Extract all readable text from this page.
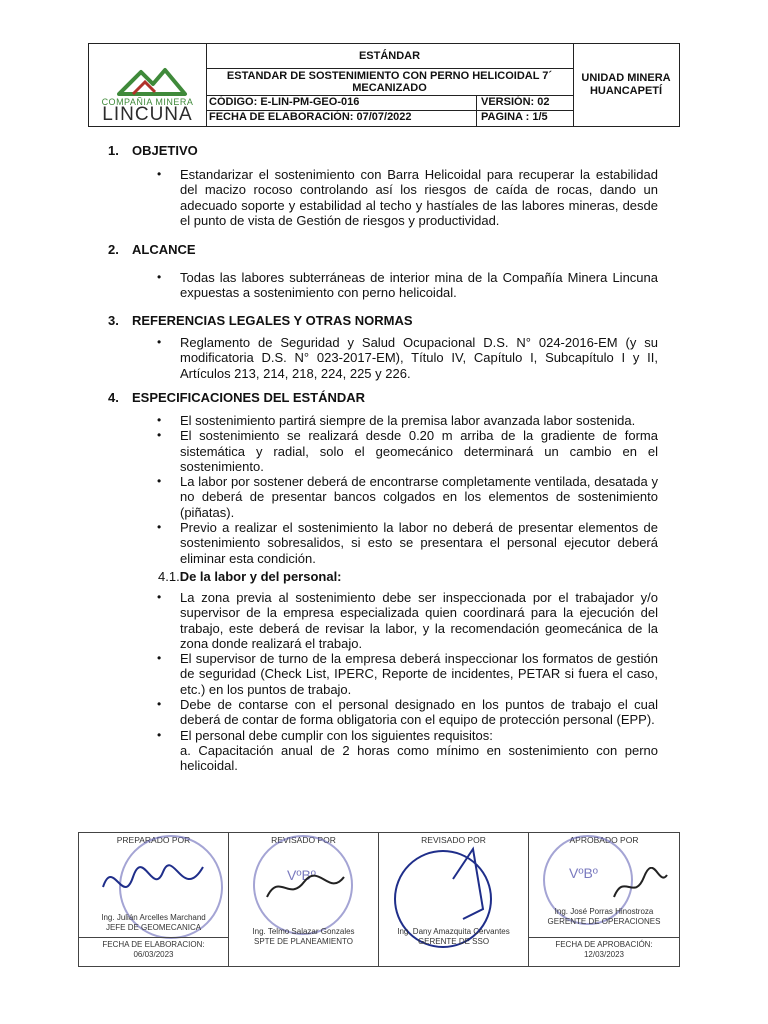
COMPAÑIA MINERA
LINCUNA
ESTÁNDAR
ESTANDAR DE SOSTENIMIENTO CON PERNO HELICOIDAL 7´ MECANIZADO
CÓDIGO: E-LIN-PM-GEO-016	VERSIÓN: 02
FECHA DE ELABORACIÓN: 07/07/2022	PAGINA : 1/5
UNIDAD MINERA HUANCAPETÍ
1. OBJETIVO
• Estandarizar el sostenimiento con Barra Helicoidal para recuperar la estabilidad del macizo rocoso controlando así los riesgos de caída de rocas, dando un adecuado soporte y estabilidad al techo y hastíales de las labores mineras, desde el punto de vista de Gestión de riesgos y productividad.
2. ALCANCE
• Todas las labores subterráneas de interior mina de la Compañía Minera Lincuna expuestas a sostenimiento con perno helicoidal.
3. REFERENCIAS LEGALES Y OTRAS NORMAS
• Reglamento de Seguridad y Salud Ocupacional D.S. N° 024-2016-EM (y su modificatoria D.S. N° 023-2017-EM), Título IV, Capítulo I, Subcapítulo I y II, Artículos 213, 214, 218, 224, 225 y 226.
4. ESPECIFICACIONES DEL ESTÁNDAR
• El sostenimiento partirá siempre de la premisa labor avanzada labor sostenida.
• El sostenimiento se realizará desde 0.20 m arriba de la gradiente de forma sistemática y radial, solo el geomecánico determinará un cambio en el sostenimiento.
• La labor por sostener deberá de encontrarse completamente ventilada, desatada y no deberá de presentar bancos colgados en los elementos de sostenimiento (piñatas).
• Previo a realizar el sostenimiento la labor no deberá de presentar elementos de sostenimiento sobresalidos, si esto se presentara el personal ejecutor deberá eliminar esta condición.
4.1.De la labor y del personal:
• La zona previa al sostenimiento debe ser inspeccionada por el trabajador y/o supervisor de la empresa especializada quien coordinará para la ejecución del trabajo, este deberá de revisar la labor, y la recomendación geomecánica de la zona donde realizará el trabajo.
• El supervisor de turno de la empresa deberá inspeccionar los formatos de gestión de seguridad (Check List, IPERC, Reporte de incidentes, PETAR si fuera el caso, etc.) en los puntos de trabajo.
• Debe de contarse con el personal designado en los puntos de trabajo el cual deberá de contar de forma obligatoria con el equipo de protección personal (EPP).
• El personal debe cumplir con los siguientes requisitos:
a. Capacitación anual de 2 horas como mínimo en sostenimiento con perno helicoidal.
PREPARADO POR
Ing. Julián Arcelles Marchand
JEFE DE GEOMECANICA
FECHA DE ELABORACION:
06/03/2023
REVISADO POR
VºBº
Ing. Telmo Salazar Gonzales
SPTE DE PLANEAMIENTO
REVISADO POR
Ing. Dany Amazquita Cervantes
GERENTE DE SSO
APROBADO POR
VºBº
Ing. José Porras Hinostroza
GERENTE DE OPERACIONES
FECHA DE APROBACIÓN:
12/03/2023
